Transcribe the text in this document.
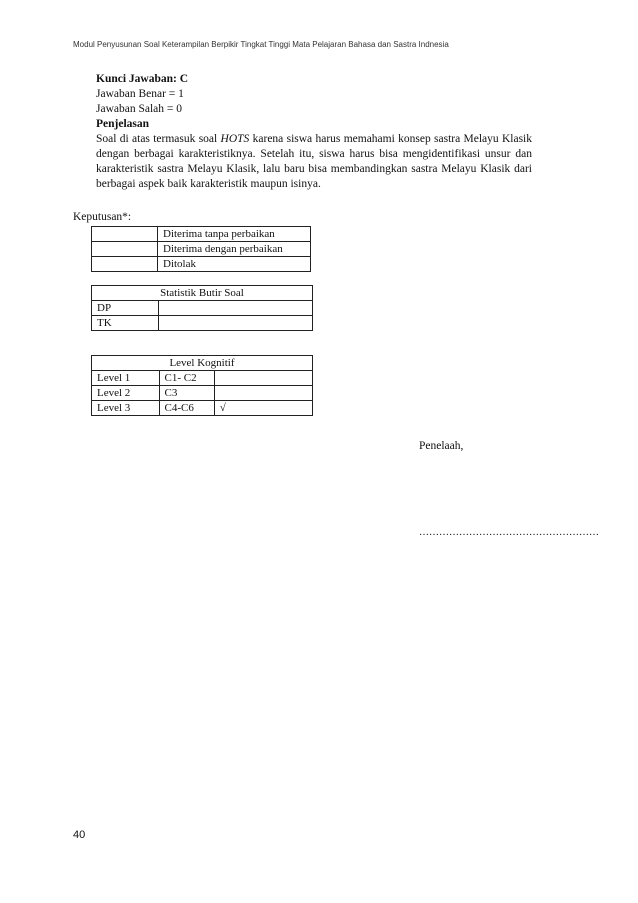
Modul Penyusunan Soal Keterampilan Berpikir Tingkat Tinggi Mata Pelajaran Bahasa dan Sastra Indnesia

Kunci Jawaban: C

Jawaban Benar = 1

Jawaban Salah = 0

Penjelasan

Soal di atas termasuk soal HOTS karena siswa harus memahami konsep sastra Melayu Klasik dengan berbagai karakteristiknya. Setelah itu, siswa harus bisa mengidentifikasi unsur dan karakteristik sastra Melayu Klasik, lalu baru bisa membandingkan sastra Melayu Klasik dari berbagai aspek baik karakteristik maupun isinya.

Keputusan*:
	Diterima tanpa perbaikan
	Diterima dengan perbaikan
	Ditolak
Statistik Butir Soal	
DP	
TK	
Level Kognitif		
Level 1	C1- C2	
Level 2	C3	
Level 3	C4-C6	√
Penelaah,
………………………………………………
40
